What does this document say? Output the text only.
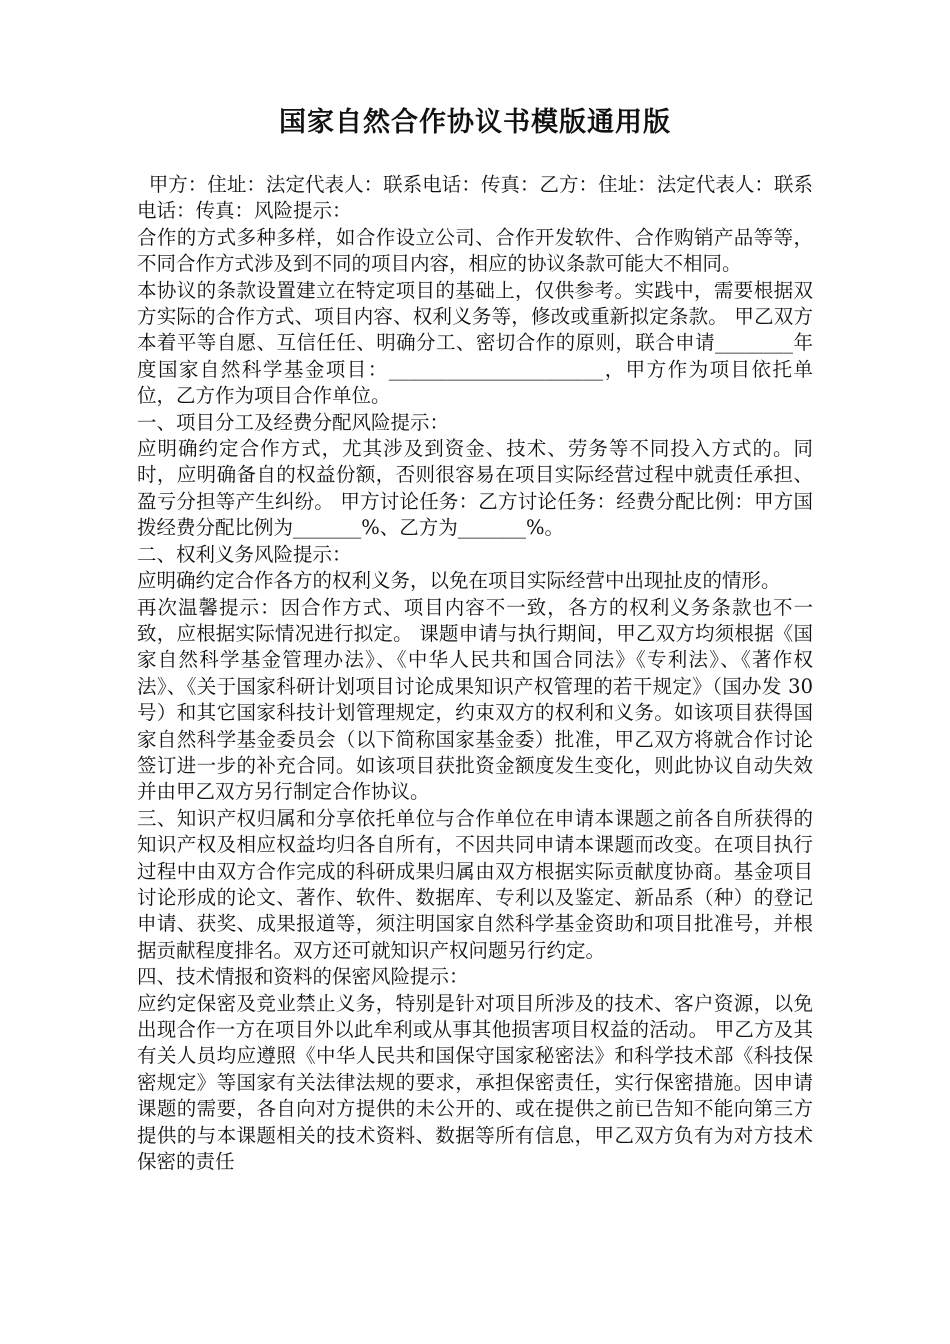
国家自然合作协议书模版通用版

甲方：住址：法定代表人：联系电话：传真：乙方：住址：法定代表人：联系电话：传真：风险提示：

合作的方式多种多样，如合作设立公司、合作开发软件、合作购销产品等等，不同合作方式涉及到不同的项目内容，相应的协议条款可能大不相同。

本协议的条款设置建立在特定项目的基础上，仅供参考。实践中，需要根据双方实际的合作方式、项目内容、权利义务等，修改或重新拟定条款。 甲乙双方本着平等自愿、互信任任、明确分工、密切合作的原则，联合申请________年度国家自然科学基金项目：______________________，甲方作为项目依托单位，乙方作为项目合作单位。

一、项目分工及经费分配风险提示：

应明确约定合作方式，尤其涉及到资金、技术、劳务等不同投入方式的。同时，应明确备自的权益份额，否则很容易在项目实际经营过程中就责任承担、盈亏分担等产生纠纷。 甲方讨论任务：乙方讨论任务：经费分配比例：甲方国拨经费分配比例为_______%、乙方为_______%。

二、权利义务风险提示：

应明确约定合作各方的权利义务，以免在项目实际经营中出现扯皮的情形。

再次温馨提示：因合作方式、项目内容不一致，各方的权利义务条款也不一致，应根据实际情况进行拟定。 课题申请与执行期间，甲乙双方均须根据《国家自然科学基金管理办法》、《中华人民共和国合同法》《专利法》、《著作权法》、《关于国家科研计划项目讨论成果知识产权管理的若干规定》（国办发 30 号）和其它国家科技计划管理规定，约束双方的权利和义务。如该项目获得国家自然科学基金委员会（以下简称国家基金委）批准，甲乙双方将就合作讨论签订进一步的补充合同。如该项目获批资金额度发生变化，则此协议自动失效并由甲乙双方另行制定合作协议。

三、知识产权归属和分享依托单位与合作单位在申请本课题之前各自所获得的知识产权及相应权益均归各自所有，不因共同申请本课题而改变。在项目执行过程中由双方合作完成的科研成果归属由双方根据实际贡献度协商。基金项目讨论形成的论文、著作、软件、数据库、专利以及鉴定、新品系（种）的登记申请、获奖、成果报道等，须注明国家自然科学基金资助和项目批准号，并根据贡献程度排名。双方还可就知识产权问题另行约定。

四、技术情报和资料的保密风险提示：

应约定保密及竞业禁止义务，特别是针对项目所涉及的技术、客户资源，以免出现合作一方在项目外以此牟利或从事其他损害项目权益的活动。 甲乙方及其有关人员均应遵照《中华人民共和国保守国家秘密法》和科学技术部《科技保密规定》等国家有关法律法规的要求，承担保密责任，实行保密措施。因申请课题的需要，各自向对方提供的未公开的、或在提供之前已告知不能向第三方提供的与本课题相关的技术资料、数据等所有信息，甲乙双方负有为对方技术保密的责任
